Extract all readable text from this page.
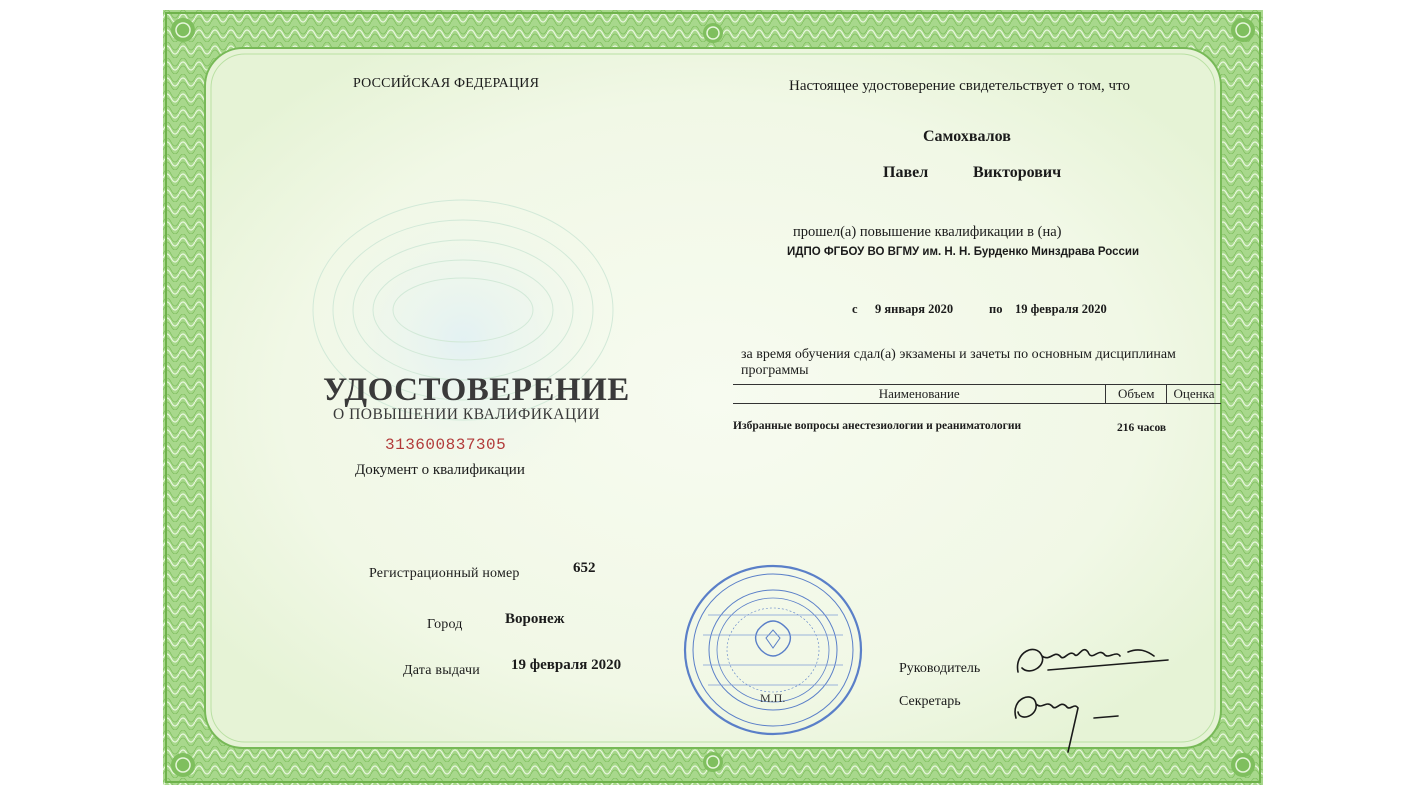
РОССИЙСКАЯ ФЕДЕРАЦИЯ
УДОСТОВЕРЕНИЕ
О ПОВЫШЕНИИ КВАЛИФИКАЦИИ
313600837305
Документ о квалификации
Регистрационный номер	652
Город	Воронеж
Дата выдачи 19 февраля 2020
М.П.
Настоящее удостоверение свидетельствует о том, что
Самохвалов
Павел	Викторович
прошел(а) повышение квалификации в (на)
ИДПО ФГБОУ ВО ВГМУ им. Н. Н. Бурденко Минздрава России
с 9 января 2020	по 19 февраля 2020
за время обучения сдал(а) экзамены и зачеты по основным дисциплинам
программы
Наименование	Объем	Оценка
Избранные вопросы анестезиологии и реаниматологии	216 часов
Руководитель
Секретарь
